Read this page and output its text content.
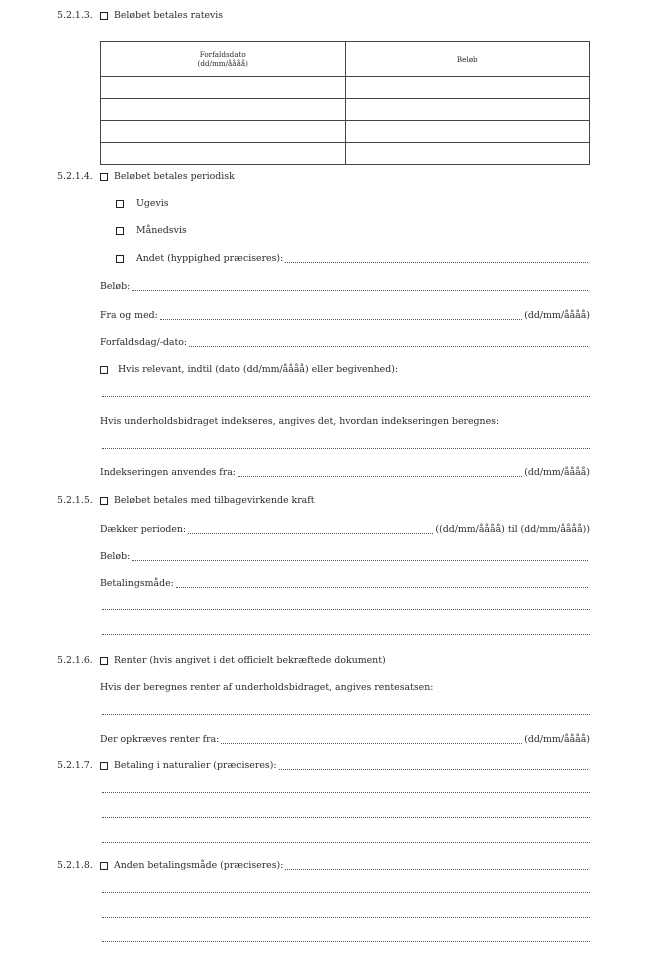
5.2.1.3. Beløbet betales ratevis
Forfaldsdato
(dd/mm/åååå)	Beløb

5.2.1.4. Beløbet betales periodisk
Ugevis
Månedsvis
Andet (hyppighed præciseres):
Beløb:
Fra og med:	(dd/mm/åååå)
Forfaldsdag/-dato:
Hvis relevant, indtil (dato (dd/mm/åååå) eller begivenhed):
Hvis underholdsbidraget indekseres, angives det, hvordan indekseringen beregnes:
Indekseringen anvendes fra:	(dd/mm/åååå)
5.2.1.5. Beløbet betales med tilbagevirkende kraft
Dækker perioden:	((dd/mm/åååå) til (dd/mm/åååå))
Beløb:
Betalingsmåde:
5.2.1.6. Renter (hvis angivet i det officielt bekræftede dokument)
Hvis der beregnes renter af underholdsbidraget, angives rentesatsen:
Der opkræves renter fra:	(dd/mm/åååå)
5.2.1.7. Betaling i naturalier (præciseres):
5.2.1.8. Anden betalingsmåde (præciseres):
